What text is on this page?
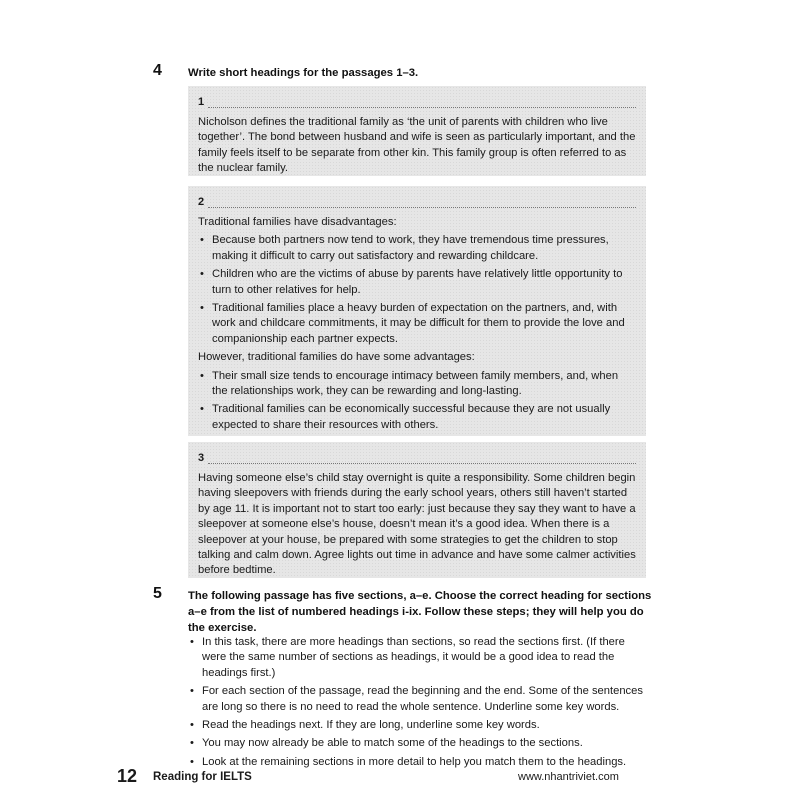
4 Write short headings for the passages 1–3.
1

Nicholson defines the traditional family as ‘the unit of parents with children who live together’. The bond between husband and wife is seen as particularly important, and the family feels itself to be separate from other kin. This family group is often referred to as the nuclear family.

2

Traditional families have disadvantages:

• Because both partners now tend to work, they have tremendous time pressures, making it difficult to carry out satisfactory and rewarding childcare.
• Children who are the victims of abuse by parents have relatively little opportunity to turn to other relatives for help.
• Traditional families place a heavy burden of expectation on the partners, and, with work and childcare commitments, it may be difficult for them to provide the love and companionship each partner expects.

However, traditional families do have some advantages:

• Their small size tends to encourage intimacy between family members, and, when the relationships work, they can be rewarding and long-lasting.
• Traditional families can be economically successful because they are not usually expected to share their resources with others.
3

Having someone else’s child stay overnight is quite a responsibility. Some children begin having sleepovers with friends during the early school years, others still haven’t started by age 11. It is important not to start too early: just because they say they want to have a sleepover at someone else’s house, doesn’t mean it’s a good idea. When there is a sleepover at your house, be prepared with some strategies to get the children to stop talking and calm down. Agree lights out time in advance and have some calmer activities before bedtime.

5 The following passage has five sections, a–e. Choose the correct heading for sections a–e from the list of numbered headings i-ix. Follow these steps; they will help you do the exercise.
• In this task, there are more headings than sections, so read the sections first. (If there were the same number of sections as headings, it would be a good idea to read the headings first.)
• For each section of the passage, read the beginning and the end. Some of the sentences are long so there is no need to read the whole sentence. Underline some key words.
• Read the headings next. If they are long, underline some key words.
• You may now already be able to match some of the headings to the sections.
• Look at the remaining sections in more detail to help you match them to the headings.
12 Reading for IELTS	www.nhantriviet.com
